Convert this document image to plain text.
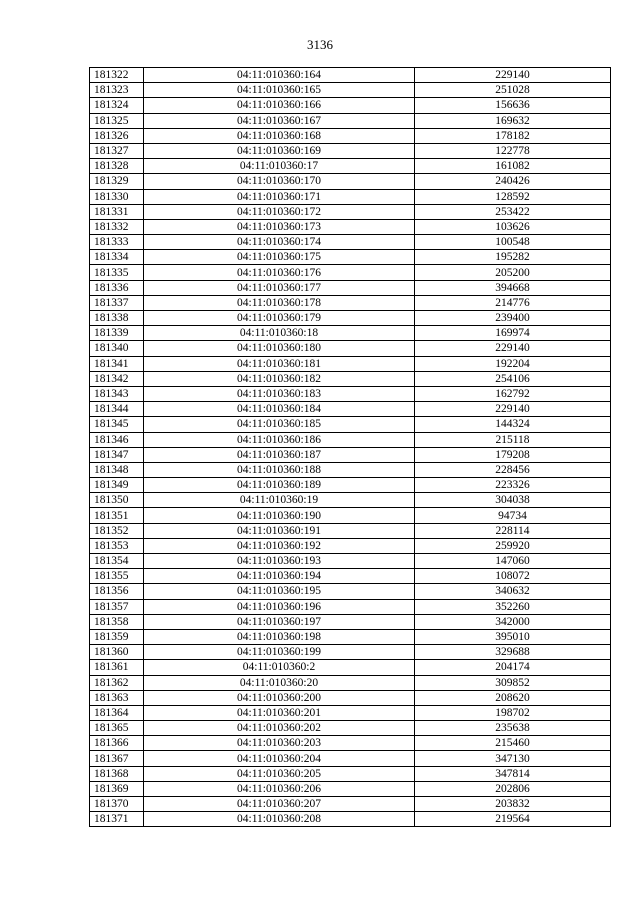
3136
181322	04:11:010360:164	229140
181323	04:11:010360:165	251028
181324	04:11:010360:166	156636
181325	04:11:010360:167	169632
181326	04:11:010360:168	178182
181327	04:11:010360:169	122778
181328	04:11:010360:17	161082
181329	04:11:010360:170	240426
181330	04:11:010360:171	128592
181331	04:11:010360:172	253422
181332	04:11:010360:173	103626
181333	04:11:010360:174	100548
181334	04:11:010360:175	195282
181335	04:11:010360:176	205200
181336	04:11:010360:177	394668
181337	04:11:010360:178	214776
181338	04:11:010360:179	239400
181339	04:11:010360:18	169974
181340	04:11:010360:180	229140
181341	04:11:010360:181	192204
181342	04:11:010360:182	254106
181343	04:11:010360:183	162792
181344	04:11:010360:184	229140
181345	04:11:010360:185	144324
181346	04:11:010360:186	215118
181347	04:11:010360:187	179208
181348	04:11:010360:188	228456
181349	04:11:010360:189	223326
181350	04:11:010360:19	304038
181351	04:11:010360:190	94734
181352	04:11:010360:191	228114
181353	04:11:010360:192	259920
181354	04:11:010360:193	147060
181355	04:11:010360:194	108072
181356	04:11:010360:195	340632
181357	04:11:010360:196	352260
181358	04:11:010360:197	342000
181359	04:11:010360:198	395010
181360	04:11:010360:199	329688
181361	04:11:010360:2	204174
181362	04:11:010360:20	309852
181363	04:11:010360:200	208620
181364	04:11:010360:201	198702
181365	04:11:010360:202	235638
181366	04:11:010360:203	215460
181367	04:11:010360:204	347130
181368	04:11:010360:205	347814
181369	04:11:010360:206	202806
181370	04:11:010360:207	203832
181371	04:11:010360:208	219564
